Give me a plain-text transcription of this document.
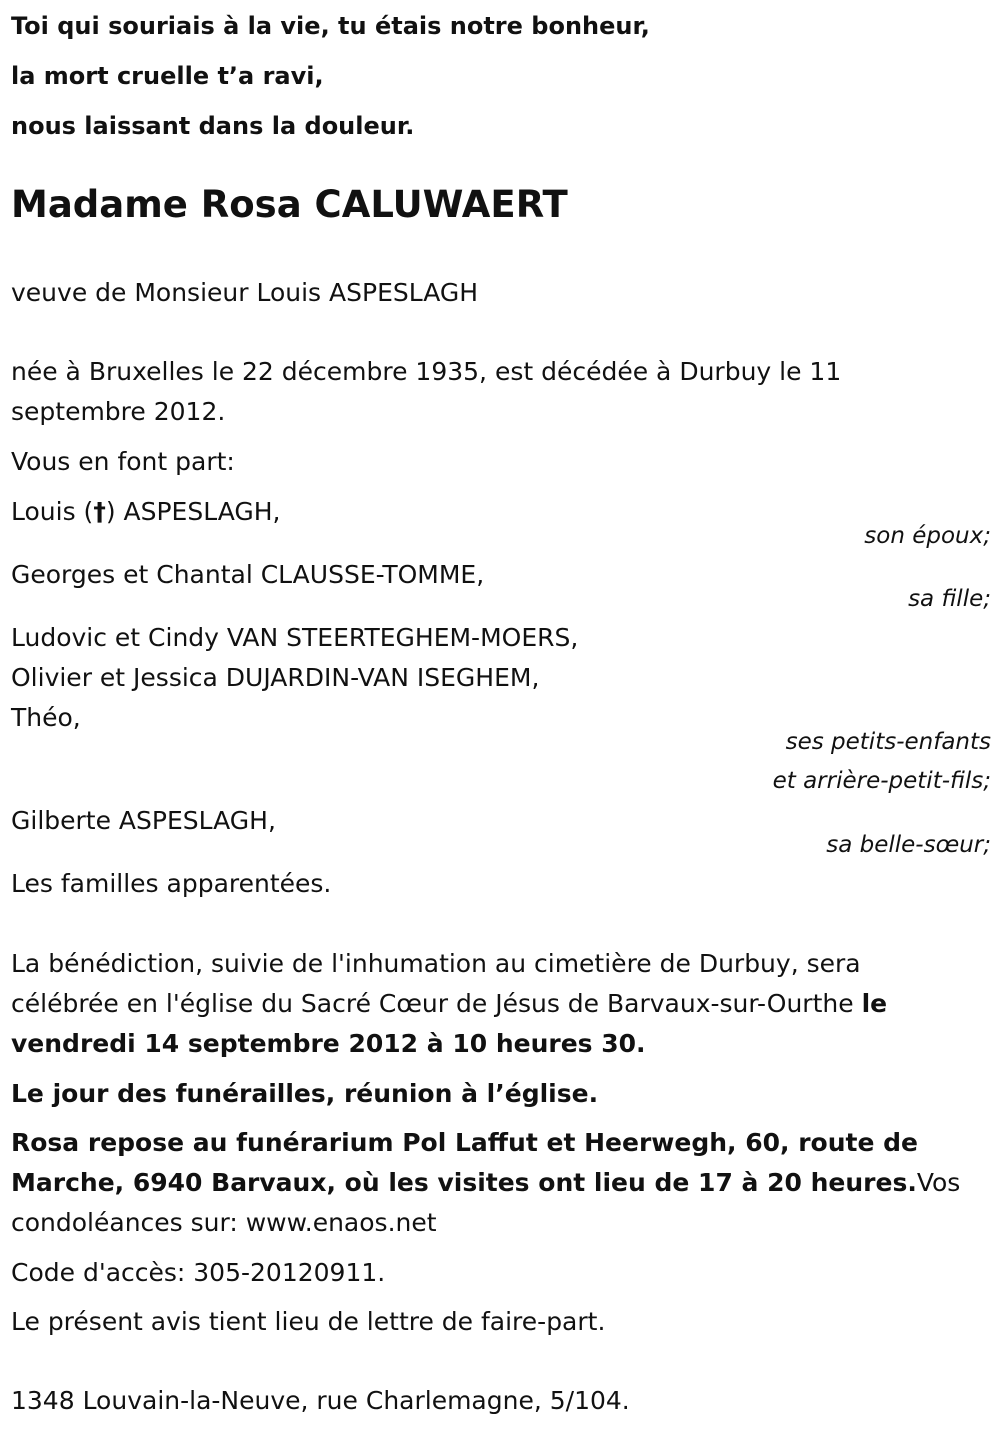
Toi qui souriais à la vie, tu étais notre bonheur,
la mort cruelle t’a ravi,
nous laissant dans la douleur.
Madame Rosa CALUWAERT
veuve de Monsieur Louis ASPESLAGH
née à Bruxelles le 22 décembre 1935, est décédée à Durbuy le 11
septembre 2012.
Vous en font part:
Louis (†) ASPESLAGH,
son époux;
Georges et Chantal CLAUSSE-TOMME,
sa fille;
Ludovic et Cindy VAN STEERTEGHEM-MOERS,
Olivier et Jessica DUJARDIN-VAN ISEGHEM,
Théo,
ses petits-enfants
et arrière-petit-fils;
Gilberte ASPESLAGH,
sa belle-sœur;
Les familles apparentées.
La bénédiction, suivie de l'inhumation au cimetière de Durbuy, sera
célébrée en l'église du Sacré Cœur de Jésus de Barvaux-sur-Ourthe le
vendredi 14 septembre 2012 à 10 heures 30.
Le jour des funérailles, réunion à l’église.
Rosa repose au funérarium Pol Laffut et Heerwegh, 60, route de
Marche, 6940 Barvaux, où les visites ont lieu de 17 à 20 heures.Vos
condoléances sur: www.enaos.net
Code d'accès: 305-20120911.
Le présent avis tient lieu de lettre de faire-part.
1348 Louvain-la-Neuve, rue Charlemagne, 5/104.
